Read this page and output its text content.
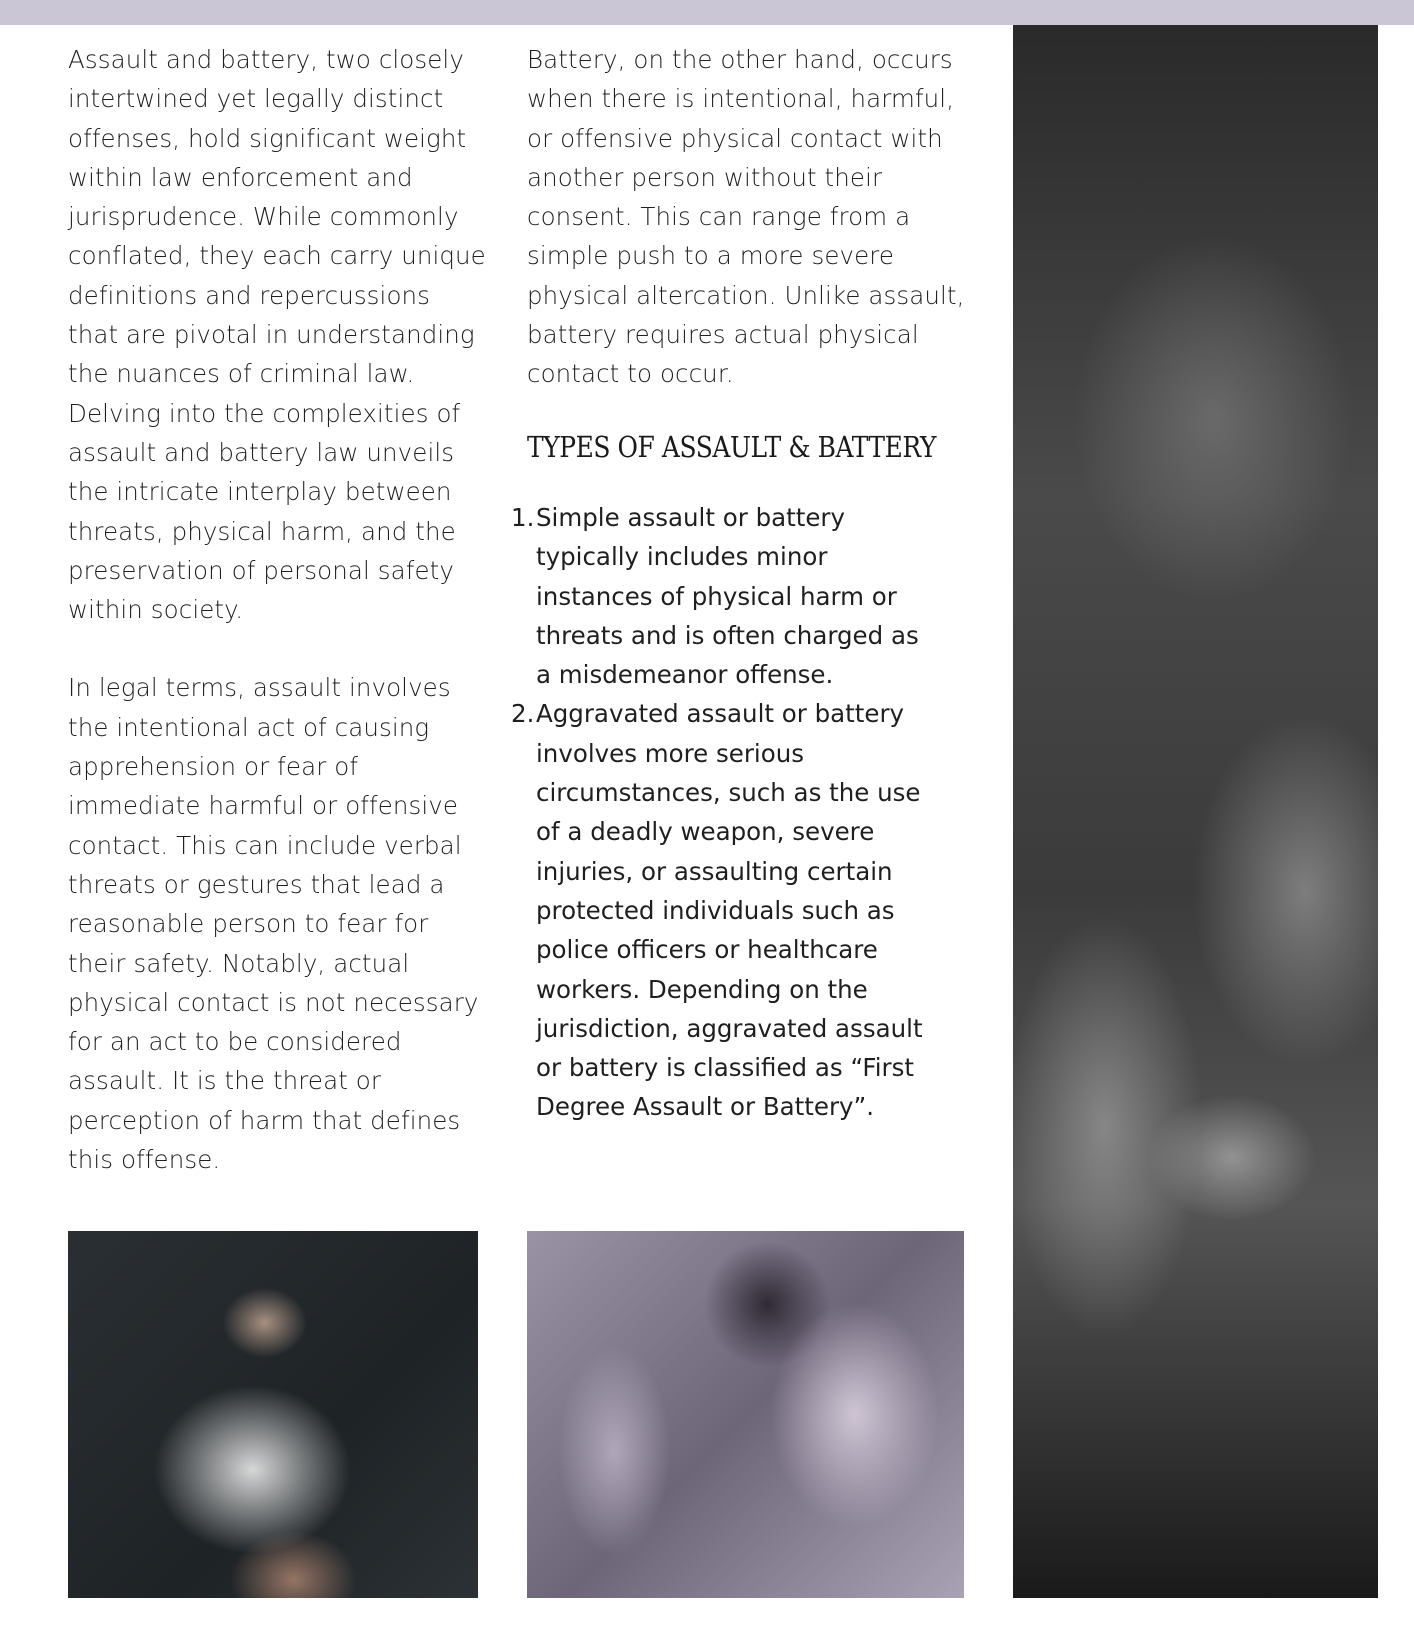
Assault and battery, two closely intertwined yet legally distinct offenses, hold significant weight within law enforcement and jurisprudence. While commonly conflated, they each carry unique definitions and repercussions that are pivotal in understanding the nuances of criminal law. Delving into the complexities of assault and battery law unveils the intricate interplay between threats, physical harm, and the preservation of personal safety within society.

In legal terms, assault involves the intentional act of causing apprehension or fear of immediate harmful or offensive contact. This can include verbal threats or gestures that lead a reasonable person to fear for their safety. Notably, actual physical contact is not necessary for an act to be considered assault. It is the threat or perception of harm that defines this offense.

Battery, on the other hand, occurs when there is intentional, harmful, or offensive physical contact with another person without their consent. This can range from a simple push to a more severe physical altercation. Unlike assault, battery requires actual physical contact to occur.

TYPES OF ASSAULT & BATTERY
1. Simple assault or battery typically includes minor instances of physical harm or threats and is often charged as a misdemeanor offense.
2. Aggravated assault or battery involves more serious circumstances, such as the use of a deadly weapon, severe injuries, or assaulting certain protected individuals such as police officers or healthcare workers. Depending on the jurisdiction, aggravated assault or battery is classified as “First Degree Assault or Battery”.
